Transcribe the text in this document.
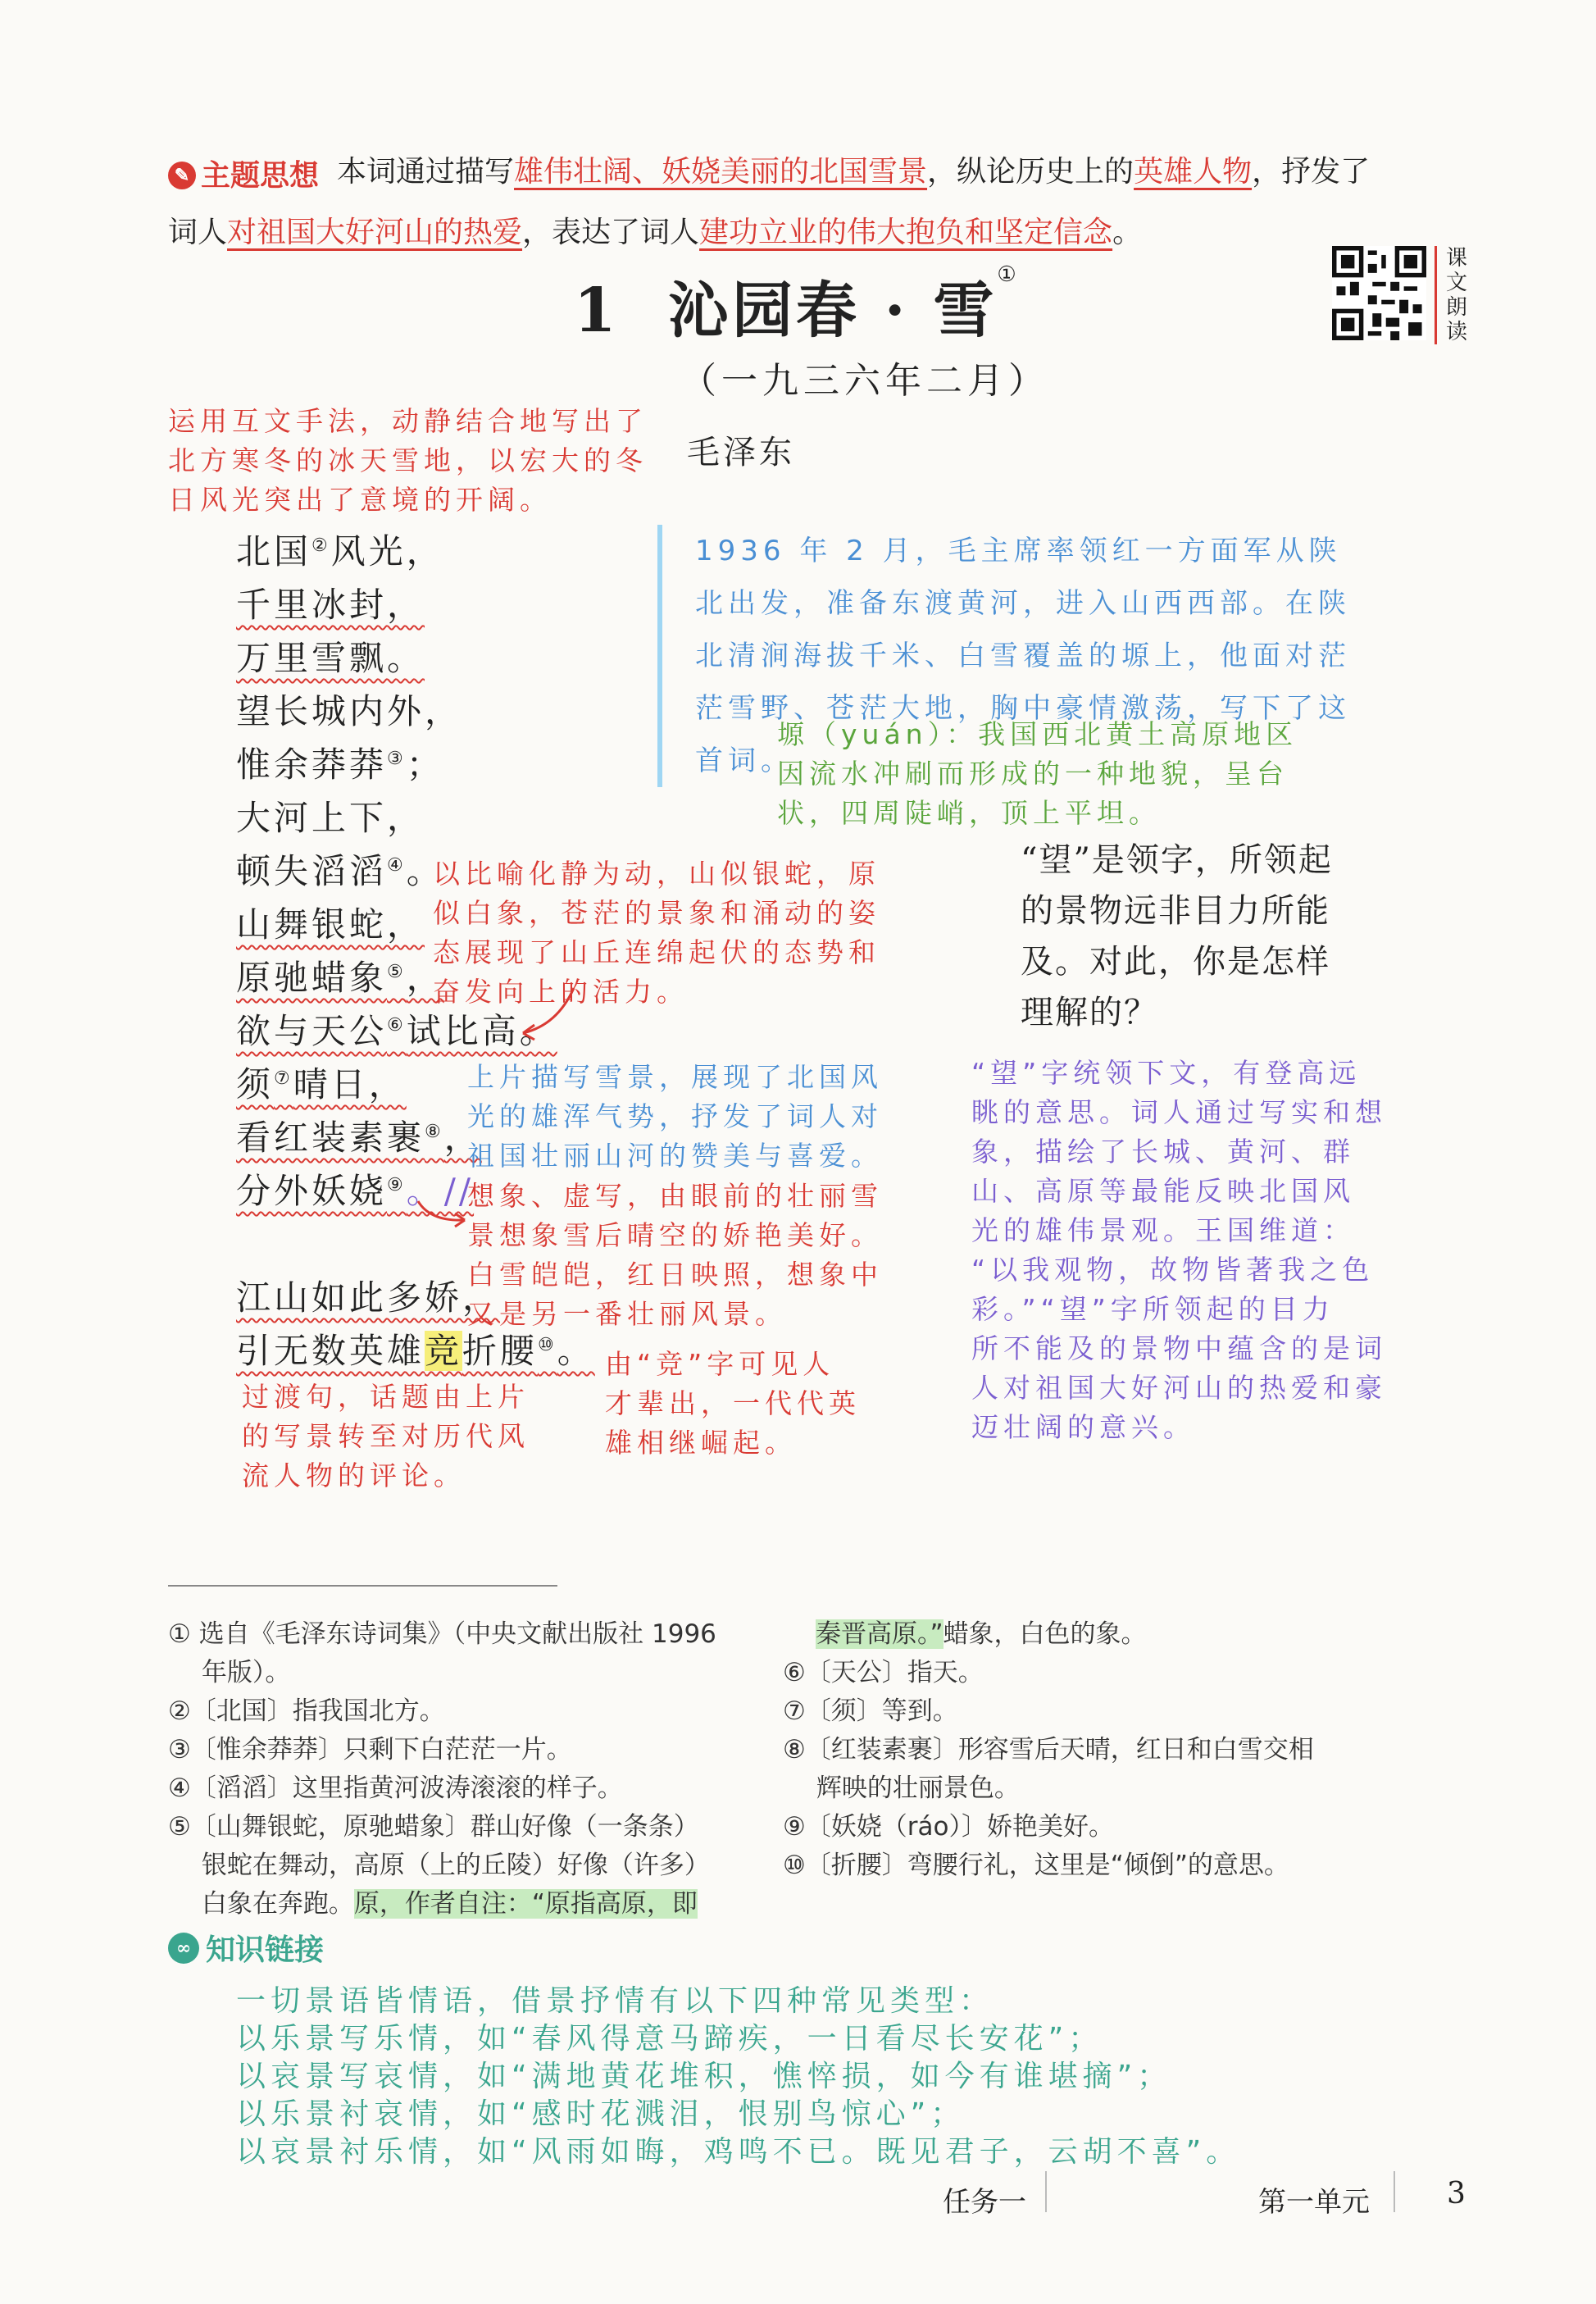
✎ 主题思想 本词通过描写雄伟壮阔、妖娆美丽的北国雪景，纵论历史上的英雄人物，抒发了
词人对祖国大好河山的热爱，表达了词人建功立业的伟大抱负和坚定信念。
1 沁园春 · 雪①
（一九三六年二月）
毛泽东
课文朗读
运用互文手法，动静结合地写出了
北方寒冬的冰天雪地，以宏大的冬
日风光突出了意境的开阔。
1936 年 2 月，毛主席率领红一方面军从陕北出发，准备东渡黄河，进入山西西部。在陕北清涧海拔千米、白雪覆盖的塬上，他面对茫茫雪野、苍茫大地，胸中豪情激荡，写下了这首词。
塬（yuán）：我国西北黄土高原地区
因流水冲刷而形成的一种地貌，呈台
状，四周陡峭，顶上平坦。
北国②风光，
千里冰封，
万里雪飘。
望长城内外，
惟余莽莽③；
大河上下，
顿失滔滔④。
山舞银蛇，
原驰蜡象⑤，
欲与天公⑥试比高。
须⑦晴日，
看红装素裹⑧，
分外妖娆⑨。//
江山如此多娇，
引无数英雄竞折腰⑩。
以比喻化静为动，山似银蛇，原
似白象，苍茫的景象和涌动的姿
态展现了山丘连绵起伏的态势和
奋发向上的活力。
“望”是领字，所领起的景物远非目力所能及。对此，你是怎样理解的？
上片描写雪景，展现了北国风
光的雄浑气势，抒发了词人对
祖国壮丽山河的赞美与喜爱。
想象、虚写，由眼前的壮丽雪
景想象雪后晴空的娇艳美好。
白雪皑皑，红日映照，想象中
又是另一番壮丽风景。
“望”字统领下文，有登高远
眺的意思。词人通过写实和想
象，描绘了长城、黄河、群
山、高原等最能反映北国风
光的雄伟景观。王国维道：
“以我观物，故物皆著我之色
彩。”“望”字所领起的目力
所不能及的景物中蕴含的是词
人对祖国大好河山的热爱和豪
迈壮阔的意兴。
过渡句，话题由上片
的写景转至对历代风
流人物的评论。
由“竞”字可见人
才辈出，一代代英
雄相继崛起。
① 选自《毛泽东诗词集》（中央文献出版社 1996
　 年版）。
②〔北国〕指我国北方。
③〔惟余莽莽〕只剩下白茫茫一片。
④〔滔滔〕这里指黄河波涛滚滚的样子。
⑤〔山舞银蛇，原驰蜡象〕群山好像（一条条）
　 银蛇在舞动，高原（上的丘陵）好像（许多）
　 白象在奔跑。原，作者自注：“原指高原，即
秦晋高原。”蜡象，白色的象。
⑥〔天公〕指天。
⑦〔须〕等到。
⑧〔红装素裹〕形容雪后天晴，红日和白雪交相
　 辉映的壮丽景色。
⑨〔妖娆（ráo）〕娇艳美好。
⑩〔折腰〕弯腰行礼，这里是“倾倒”的意思。
∞ 知识链接
一切景语皆情语，借景抒情有以下四种常见类型：
以乐景写乐情，如“春风得意马蹄疾，一日看尽长安花”；
以哀景写哀情，如“满地黄花堆积，憔悴损，如今有谁堪摘”；
以乐景衬哀情，如“感时花溅泪，恨别鸟惊心”；
以哀景衬乐情，如“风雨如晦，鸡鸣不已。既见君子，云胡不喜”。
任务一	第一单元	3
